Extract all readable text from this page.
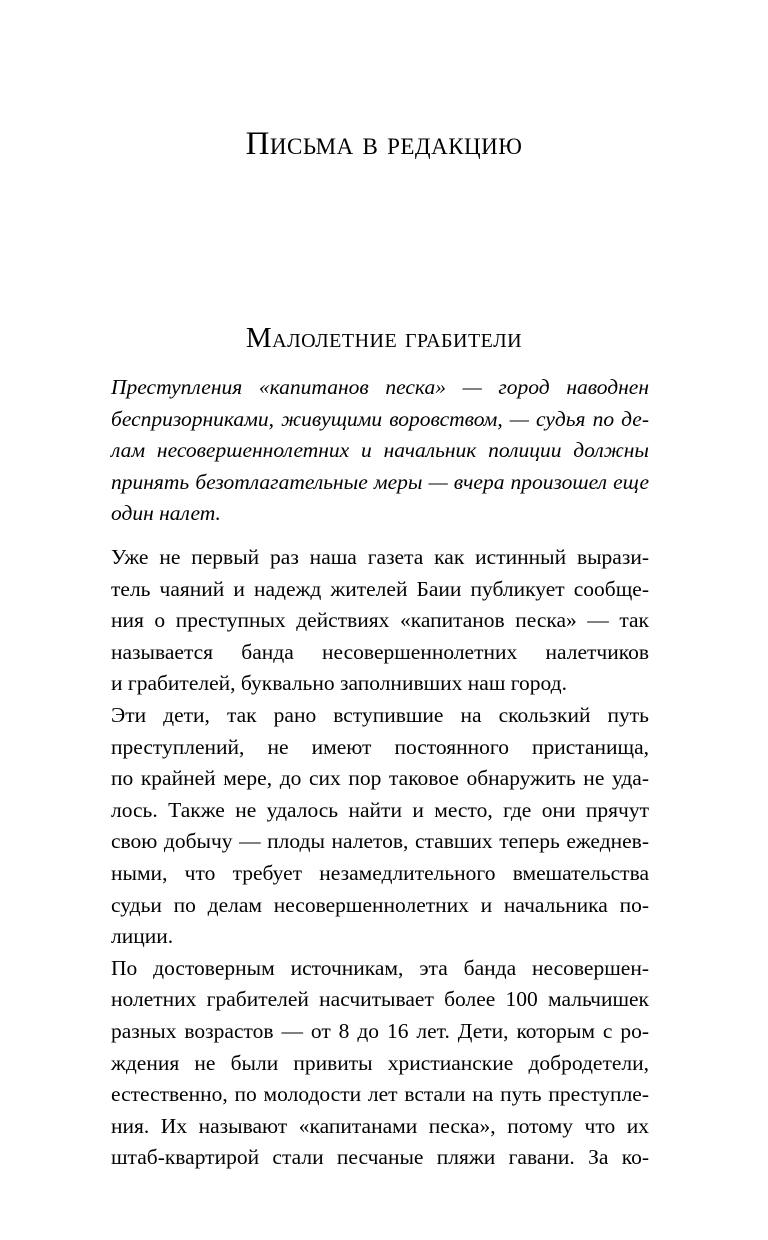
Письма в редакцию
Малолетние грабители
Преступления «капитанов песка» — город наводнен
беспризорниками, живущими воровством, — судья по де-
лам несовершеннолетних и начальник полиции должны
принять безотлагательные меры — вчера произошел еще
один налет.
Уже не первый раз наша газета как истинный вырази-
тель чаяний и надежд жителей Баии публикует сообще-
ния о преступных действиях «капитанов песка» — так
называется банда несовершеннолетних налетчиков
и грабителей, буквально заполнивших наш город.
Эти дети, так рано вступившие на скользкий путь
преступлений, не имеют постоянного пристанища,
по крайней мере, до сих пор таковое обнаружить не уда-
лось. Также не удалось найти и место, где они прячут
свою добычу — плоды налетов, ставших теперь ежеднев-
ными, что требует незамедлительного вмешательства
судьи по делам несовершеннолетних и начальника по-
лиции.
По достоверным источникам, эта банда несовершен-
нолетних грабителей насчитывает более 100 мальчишек
разных возрастов — от 8 до 16 лет. Дети, которым с ро-
ждения не были привиты христианские добродетели,
естественно, по молодости лет встали на путь преступле-
ния. Их называют «капитанами песка», потому что их
штаб-квартирой стали песчаные пляжи гавани. За ко-
